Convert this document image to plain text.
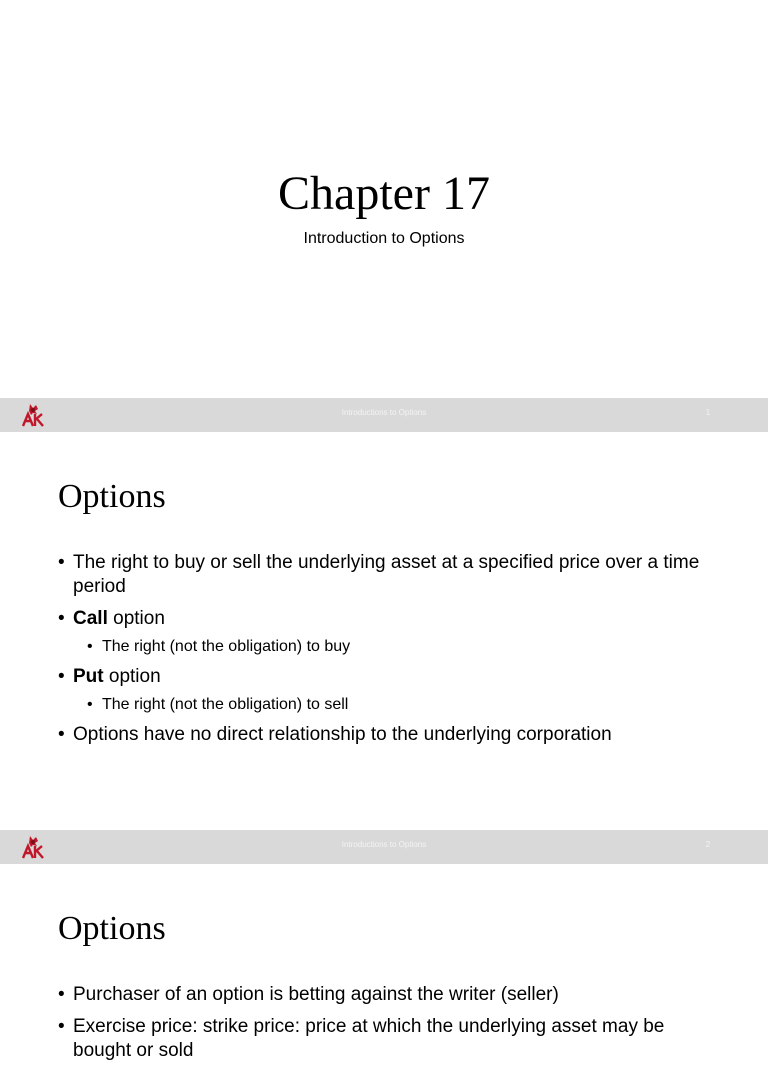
Chapter 17
Introduction to Options
Introductions to Options	1
Options
• The right to buy or sell the underlying asset at a specified price over a time period
• Call option
• The right (not the obligation) to buy
• Put option
• The right (not the obligation) to sell
• Options have no direct relationship to the underlying corporation
Introductions to Options	2
Options
• Purchaser of an option is betting against the writer (seller)
• Exercise price: strike price: price at which the underlying asset may be bought or sold
